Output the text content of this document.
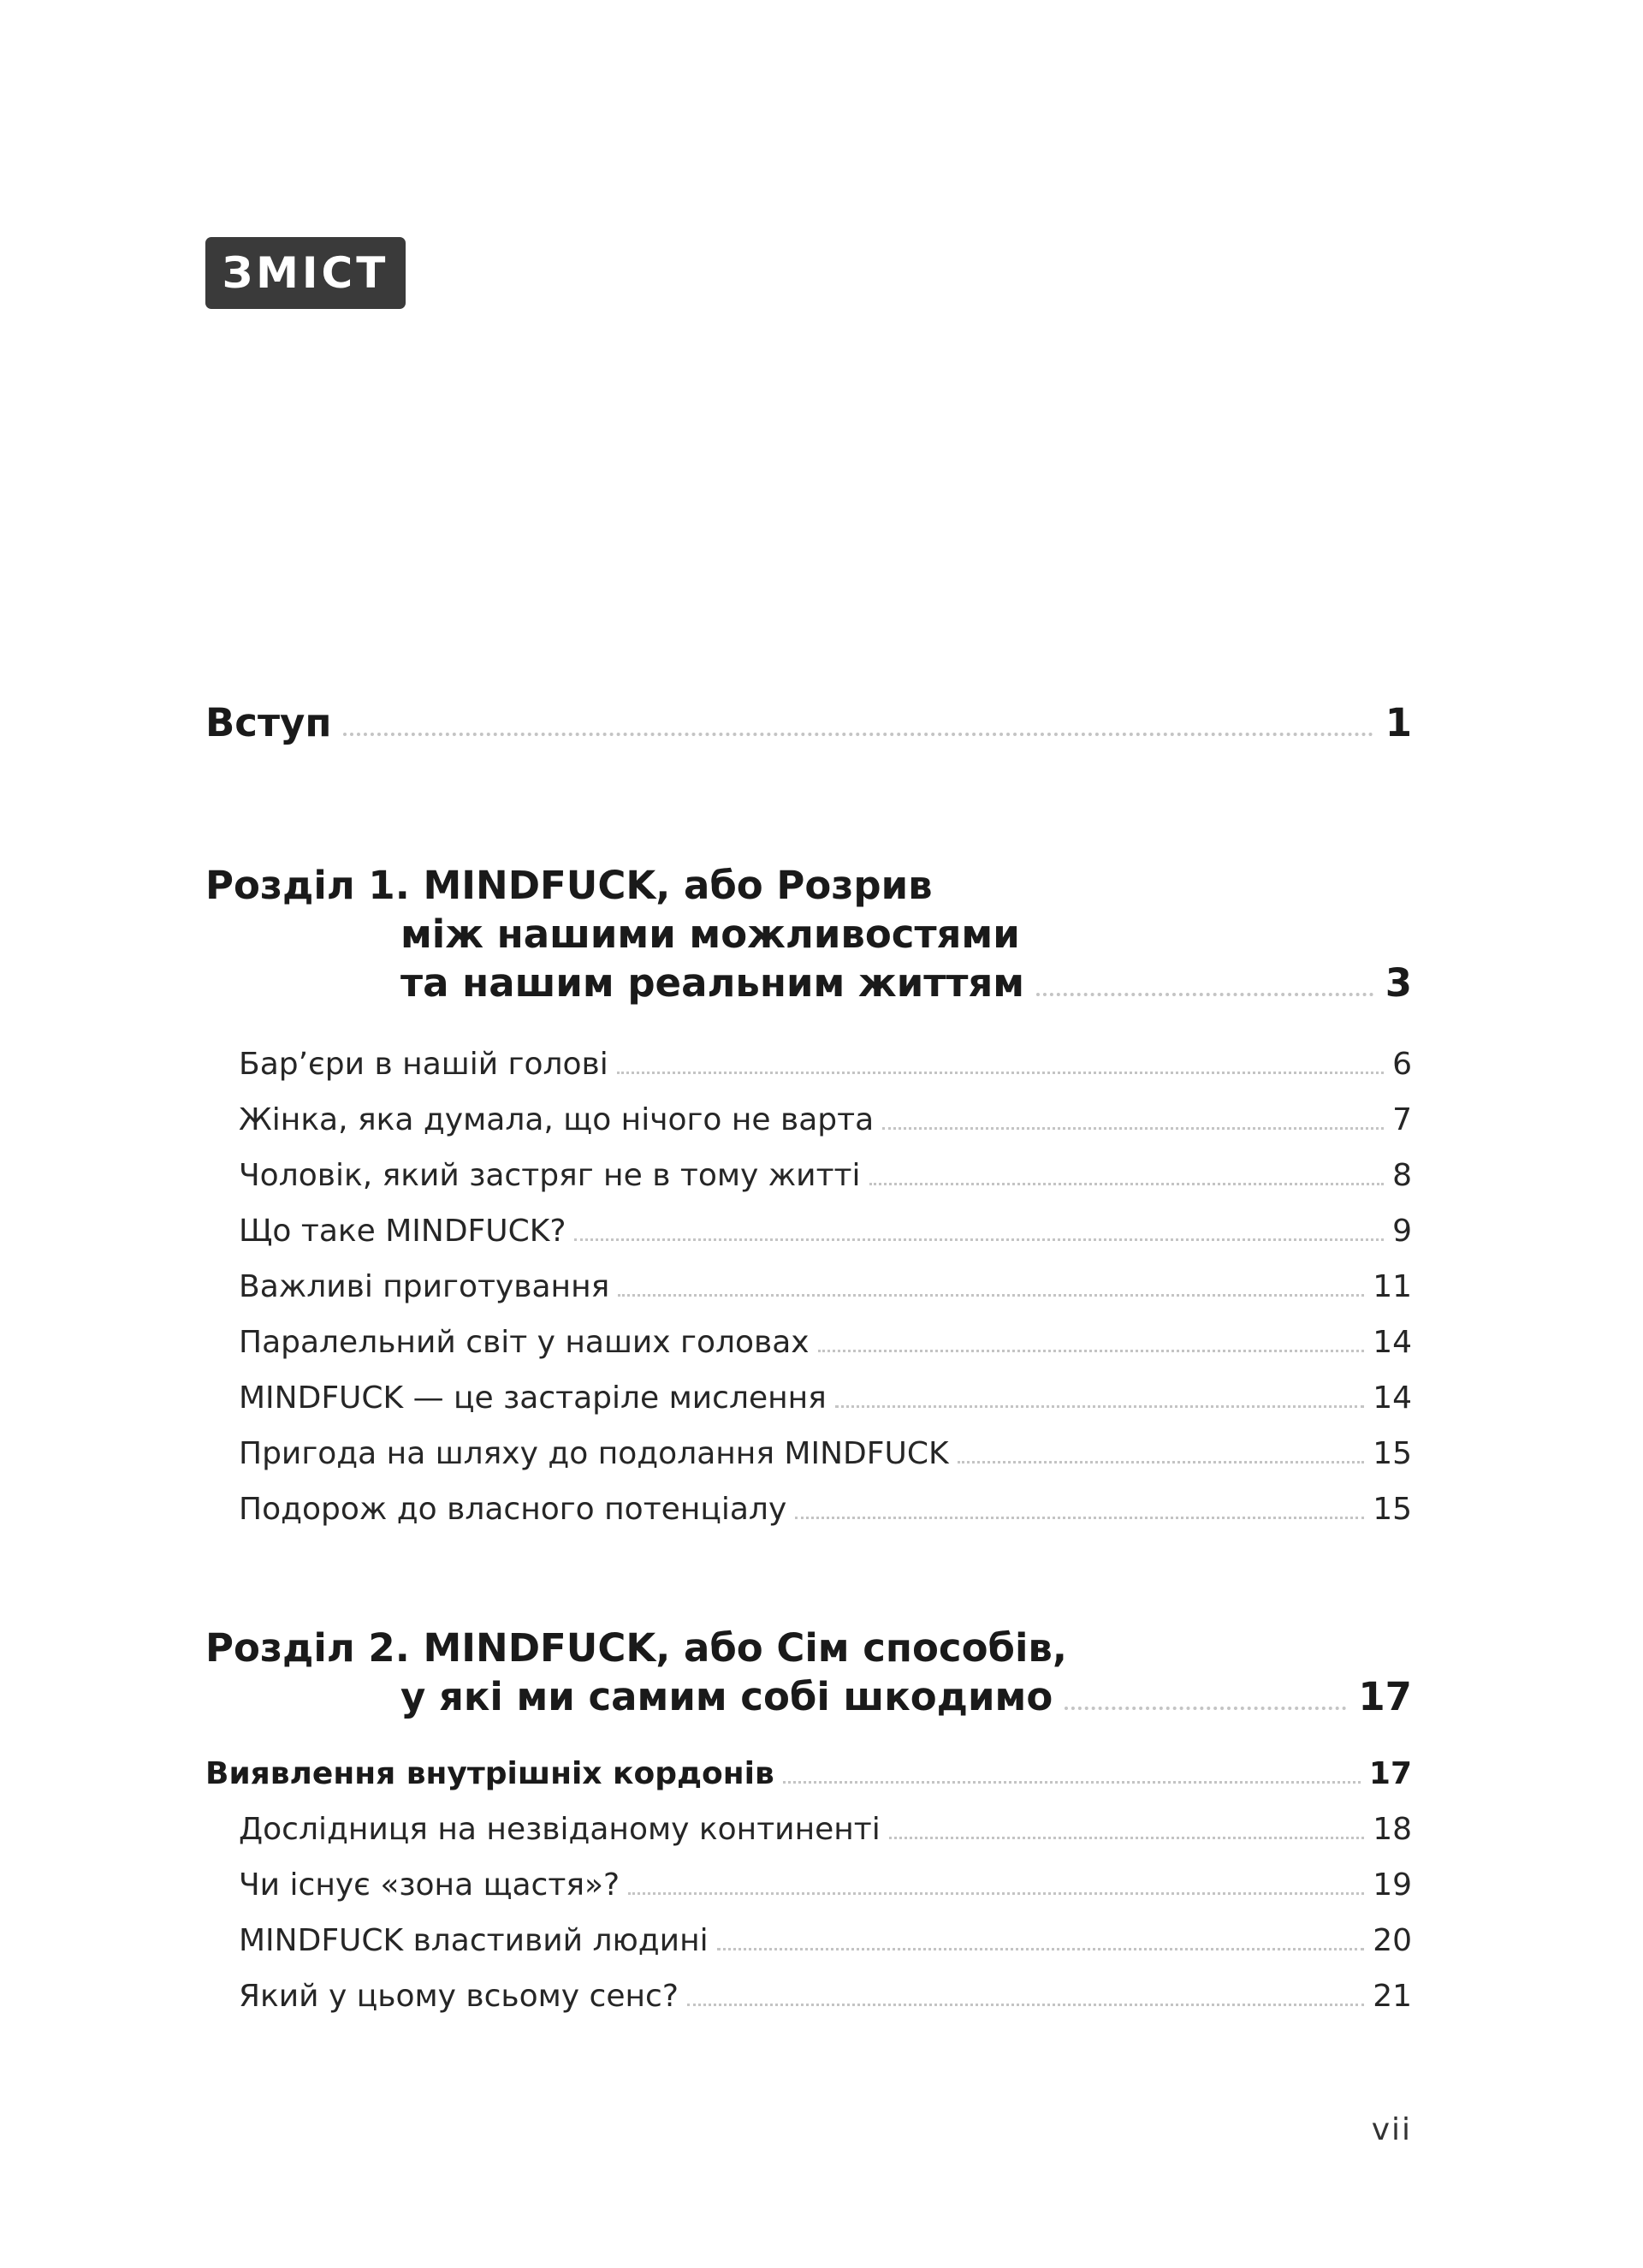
ЗМІСТ
Вступ	1
Розділ 1. MINDFUCK, або Розрив
між нашими можливостями
та нашим реальним життям	3
Бар’єри в нашій голові	6
Жінка, яка думала, що нічого не варта	7
Чоловік, який застряг не в тому житті	8
Що таке MINDFUCK?	9
Важливі приготування	11
Паралельний світ у наших головах	14
MINDFUCK — це застаріле мислення	14
Пригода на шляху до подолання MINDFUCK	15
Подорож до власного потенціалу	15
Розділ 2. MINDFUCK, або Сім способів,
у які ми самим собі шкодимо	17
Виявлення внутрішніх кордонів	17
Дослідниця на незвіданому континенті	18
Чи існує «зона щастя»?	19
MINDFUCK властивий людині	20
Який у цьому всьому сенс?	21
vii
